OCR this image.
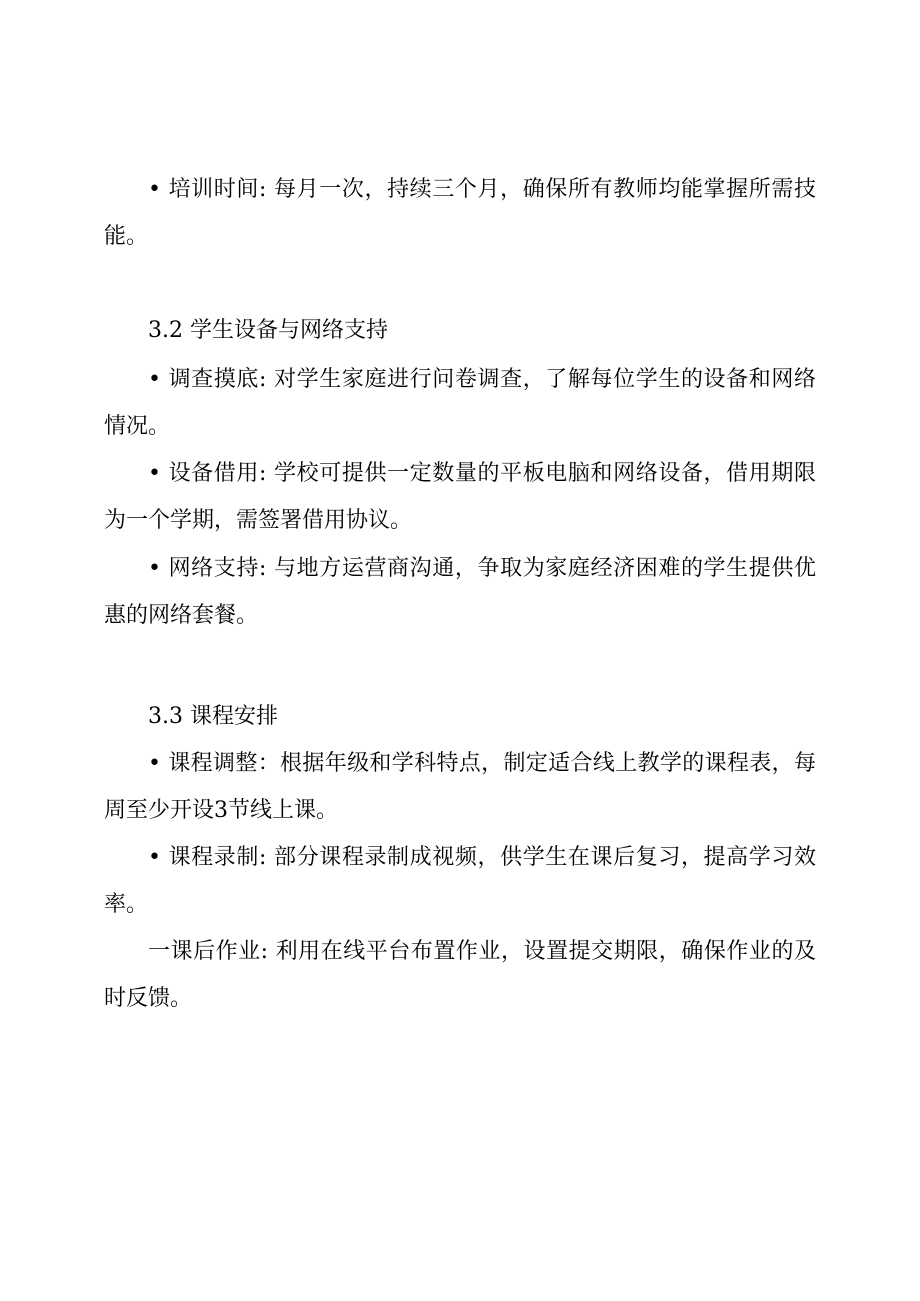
• 培训时间: 每月一次，持续三个月，确保所有教师均能掌握所需技能。

3.2 学生设备与网络支持

• 调查摸底: 对学生家庭进行问卷调查，了解每位学生的设备和网络情况。

• 设备借用: 学校可提供一定数量的平板电脑和网络设备，借用期限为一个学期，需签署借用协议。

• 网络支持: 与地方运营商沟通，争取为家庭经济困难的学生提供优惠的网络套餐。

3.3 课程安排

• 课程调整：根据年级和学科特点，制定适合线上教学的课程表，每周至少开设3节线上课。

• 课程录制: 部分课程录制成视频，供学生在课后复习，提高学习效率。

一课后作业: 利用在线平台布置作业，设置提交期限，确保作业的及时反馈。
